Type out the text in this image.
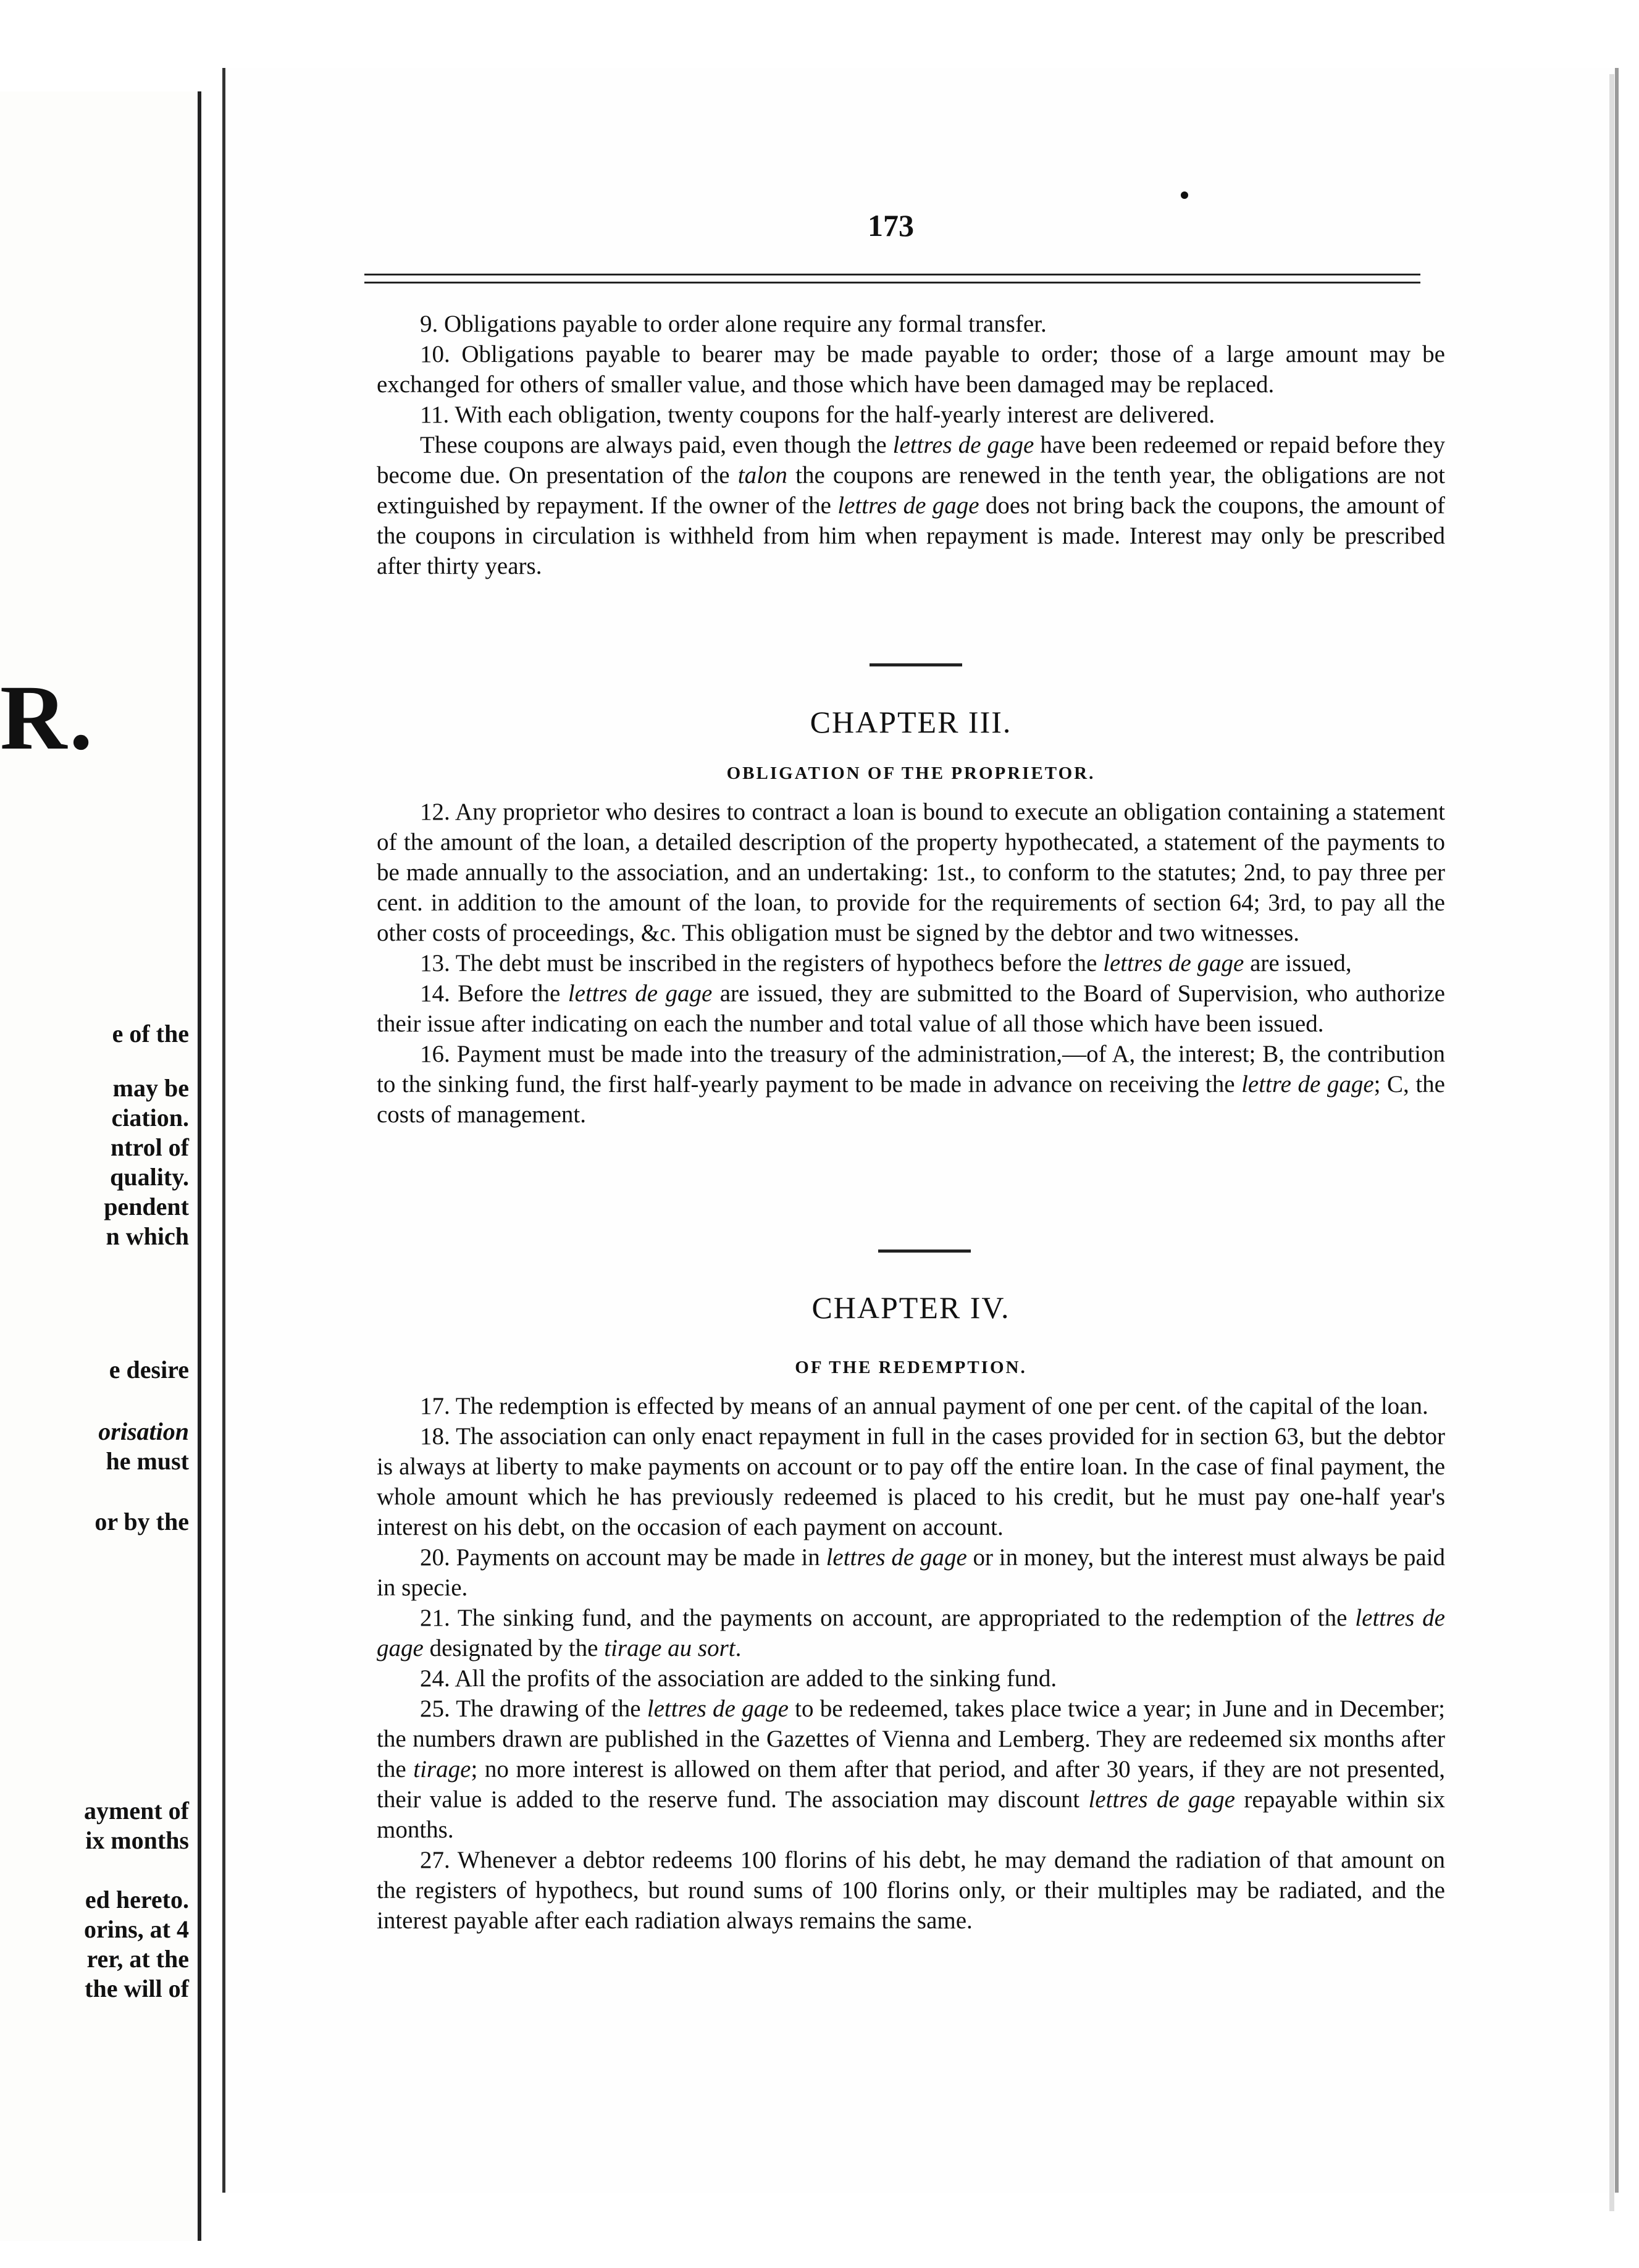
R.
e of the
may be
ciation.
ntrol of
quality.
pendent
n which
e desire
orisation
he must
or by the
ayment of
ix months
ed hereto.
orins, at 4
rer, at the
the will of
173

9. Obligations payable to order alone require any formal transfer.

10. Obligations payable to bearer may be made payable to order; those of a large amount may be exchanged for others of smaller value, and those which have been damaged may be replaced.

11. With each obligation, twenty coupons for the half-yearly interest are delivered.

These coupons are always paid, even though the lettres de gage have been redeemed or repaid before they become due. On presentation of the talon the coupons are renewed in the tenth year, the obligations are not extinguished by repayment. If the owner of the lettres de gage does not bring back the coupons, the amount of the coupons in circulation is withheld from him when repayment is made. Interest may only be prescribed after thirty years.

CHAPTER III.
OBLIGATION OF THE PROPRIETOR.

12. Any proprietor who desires to contract a loan is bound to execute an obligation containing a statement of the amount of the loan, a detailed description of the property hypothecated, a statement of the payments to be made annually to the association, and an undertaking: 1st., to conform to the statutes; 2nd, to pay three per cent. in addition to the amount of the loan, to provide for the requirements of section 64; 3rd, to pay all the other costs of proceedings, &c. This obligation must be signed by the debtor and two witnesses.

13. The debt must be inscribed in the registers of hypothecs before the lettres de gage are issued,

14. Before the lettres de gage are issued, they are submitted to the Board of Supervision, who authorize their issue after indicating on each the number and total value of all those which have been issued.

16. Payment must be made into the treasury of the administration,—of A, the interest; B, the contribution to the sinking fund, the first half-yearly payment to be made in advance on receiving the lettre de gage; C, the costs of management.

CHAPTER IV.
OF THE REDEMPTION.

17. The redemption is effected by means of an annual payment of one per cent. of the capital of the loan.

18. The association can only enact repayment in full in the cases provided for in section 63, but the debtor is always at liberty to make payments on account or to pay off the entire loan. In the case of final payment, the whole amount which he has previously redeemed is placed to his credit, but he must pay one-half year's interest on his debt, on the occasion of each payment on account.

20. Payments on account may be made in lettres de gage or in money, but the interest must always be paid in specie.

21. The sinking fund, and the payments on account, are appropriated to the redemption of the lettres de gage designated by the tirage au sort.

24. All the profits of the association are added to the sinking fund.

25. The drawing of the lettres de gage to be redeemed, takes place twice a year; in June and in December; the numbers drawn are published in the Gazettes of Vienna and Lemberg. They are redeemed six months after the tirage; no more interest is allowed on them after that period, and after 30 years, if they are not presented, their value is added to the reserve fund. The association may discount lettres de gage repayable within six months.

27. Whenever a debtor redeems 100 florins of his debt, he may demand the radiation of that amount on the registers of hypothecs, but round sums of 100 florins only, or their multiples may be radiated, and the interest payable after each radiation always remains the same.
